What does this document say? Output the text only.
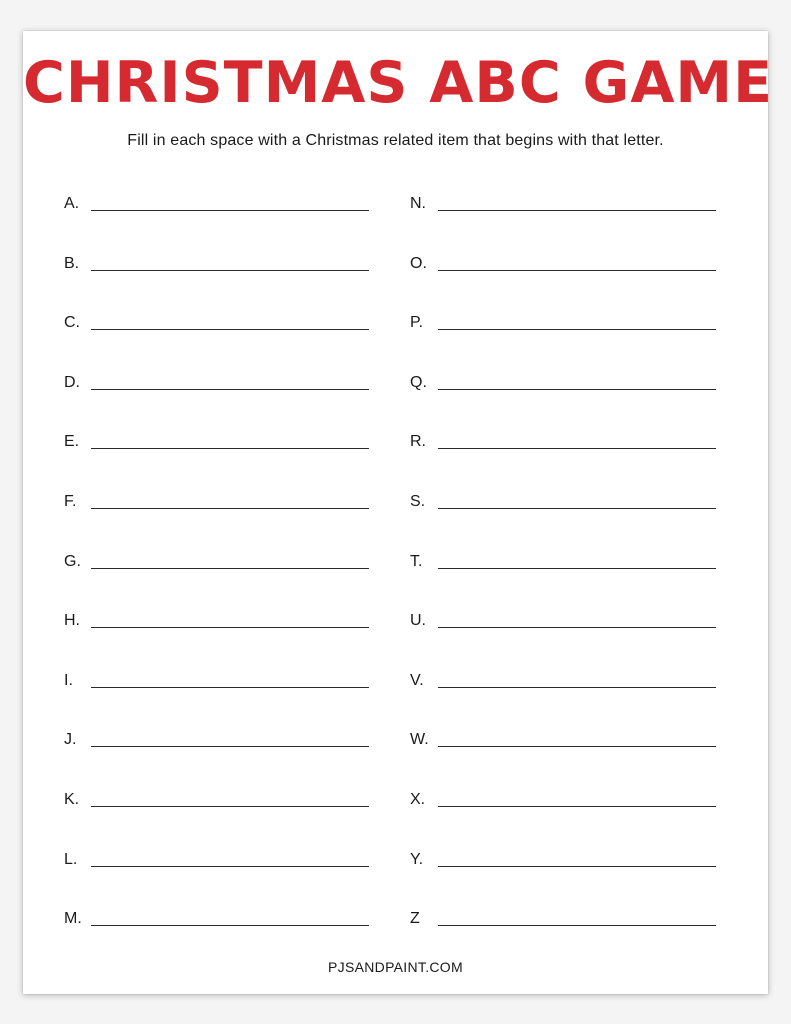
CHRISTMAS ABC GAME
Fill in each space with a Christmas related item that begins with that letter.
A.
B.
C.
D.
E.
F.
G.
H.
I.
J.
K.
L.
M.
N.
O.
P.
Q.
R.
S.
T.
U.
V.
W.
X.
Y.
Z
PJSANDPAINT.COM
